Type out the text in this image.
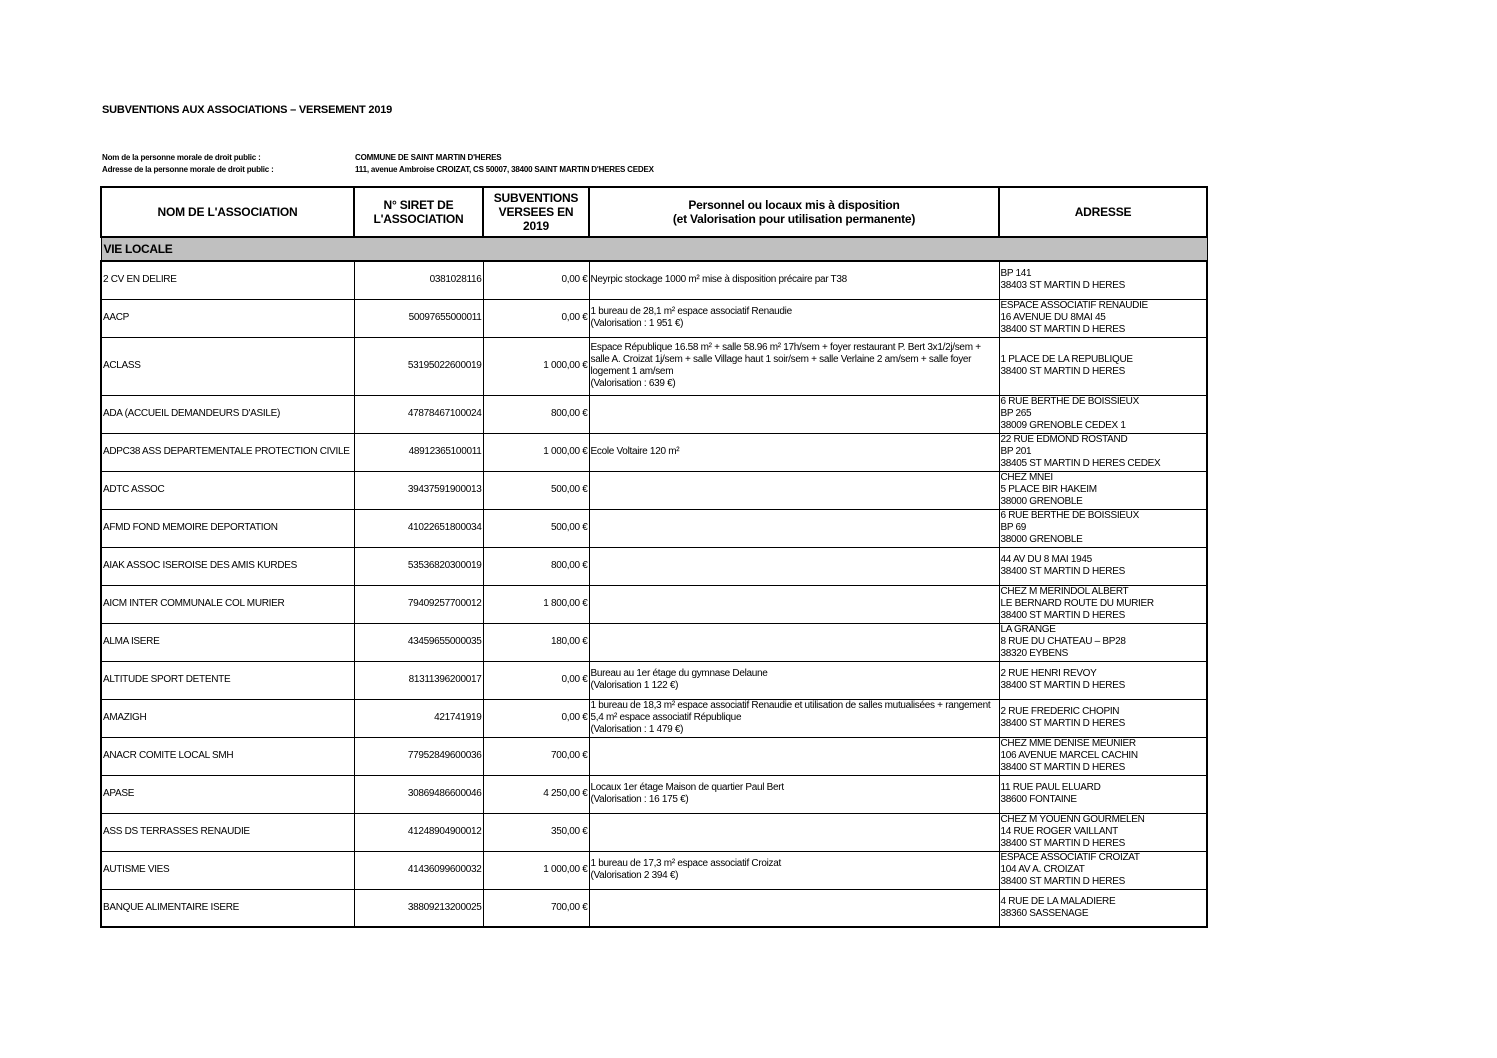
SUBVENTIONS AUX ASSOCIATIONS – VERSEMENT 2019
Nom de la personne morale de droit public :	COMMUNE DE SAINT MARTIN D'HERES
Adresse de la personne morale de droit public :	111, avenue Ambroise CROIZAT, CS 50007, 38400 SAINT MARTIN D'HERES CEDEX
NOM DE L'ASSOCIATION	N° SIRET DE L'ASSOCIATION	SUBVENTIONS VERSEES EN 2019	Personnel ou locaux mis à disposition
(et Valorisation pour utilisation permanente)	ADRESSE
VIE LOCALE				
2 CV EN DELIRE	0381028116	0,00 €	Neyrpic stockage 1000 m² mise à disposition précaire par T38	BP 141
38403 ST MARTIN D HERES
AACP	50097655000011	0,00 €	1 bureau de 28,1 m² espace associatif Renaudie
(Valorisation : 1 951 €)	ESPACE ASSOCIATIF RENAUDIE
16 AVENUE DU 8MAI 45
38400 ST MARTIN D HERES
ACLASS	53195022600019	1 000,00 €	Espace République 16.58 m² + salle 58.96 m² 17h/sem + foyer restaurant P. Bert 3x1/2j/sem + salle A. Croizat 1j/sem + salle Village haut 1 soir/sem + salle Verlaine 2 am/sem + salle foyer logement 1 am/sem
(Valorisation : 639 €)	1 PLACE DE LA REPUBLIQUE
38400 ST MARTIN D HERES
ADA (ACCUEIL DEMANDEURS D'ASILE)	47878467100024	800,00 €		6 RUE BERTHE DE BOISSIEUX
BP 265
38009 GRENOBLE CEDEX 1
ADPC38 ASS DEPARTEMENTALE PROTECTION CIVILE	48912365100011	1 000,00 €	Ecole Voltaire 120 m²	22 RUE EDMOND ROSTAND
BP 201
38405 ST MARTIN D HERES CEDEX
ADTC ASSOC	39437591900013	500,00 €		CHEZ MNEI
5 PLACE BIR HAKEIM
38000 GRENOBLE
AFMD FOND MEMOIRE DEPORTATION	41022651800034	500,00 €		6 RUE BERTHE DE BOISSIEUX
BP 69
38000 GRENOBLE
AIAK ASSOC ISEROISE DES AMIS KURDES	53536820300019	800,00 €		44 AV DU 8 MAI 1945
38400 ST MARTIN D HERES
AICM INTER COMMUNALE COL MURIER	79409257700012	1 800,00 €		CHEZ M MERINDOL ALBERT
LE BERNARD ROUTE DU MURIER
38400 ST MARTIN D HERES
ALMA ISERE	43459655000035	180,00 €		LA GRANGE
8 RUE DU CHATEAU – BP28
38320 EYBENS
ALTITUDE SPORT DETENTE	81311396200017	0,00 €	Bureau au 1er étage du gymnase Delaune
(Valorisation 1 122 €)	2 RUE HENRI REVOY
38400 ST MARTIN D HERES
AMAZIGH	421741919	0,00 €	1 bureau de 18,3 m² espace associatif Renaudie et utilisation de salles mutualisées + rangement 5,4 m² espace associatif République
(Valorisation : 1 479 €)	2 RUE FREDERIC CHOPIN
38400 ST MARTIN D HERES
ANACR COMITE LOCAL SMH	77952849600036	700,00 €		CHEZ MME DENISE MEUNIER
106 AVENUE MARCEL CACHIN
38400 ST MARTIN D HERES
APASE	30869486600046	4 250,00 €	Locaux 1er étage Maison de quartier Paul Bert
(Valorisation : 16 175 €)	11 RUE PAUL ELUARD
38600 FONTAINE
ASS DS TERRASSES RENAUDIE	41248904900012	350,00 €		CHEZ M YOUENN GOURMELEN
14 RUE ROGER VAILLANT
38400 ST MARTIN D HERES
AUTISME VIES	41436099600032	1 000,00 €	1 bureau de 17,3 m² espace associatif Croizat
(Valorisation 2 394 €)	ESPACE ASSOCIATIF CROIZAT
104 AV A. CROIZAT
38400 ST MARTIN D HERES
BANQUE ALIMENTAIRE ISERE	38809213200025	700,00 €		4 RUE DE LA MALADIERE
38360 SASSENAGE
